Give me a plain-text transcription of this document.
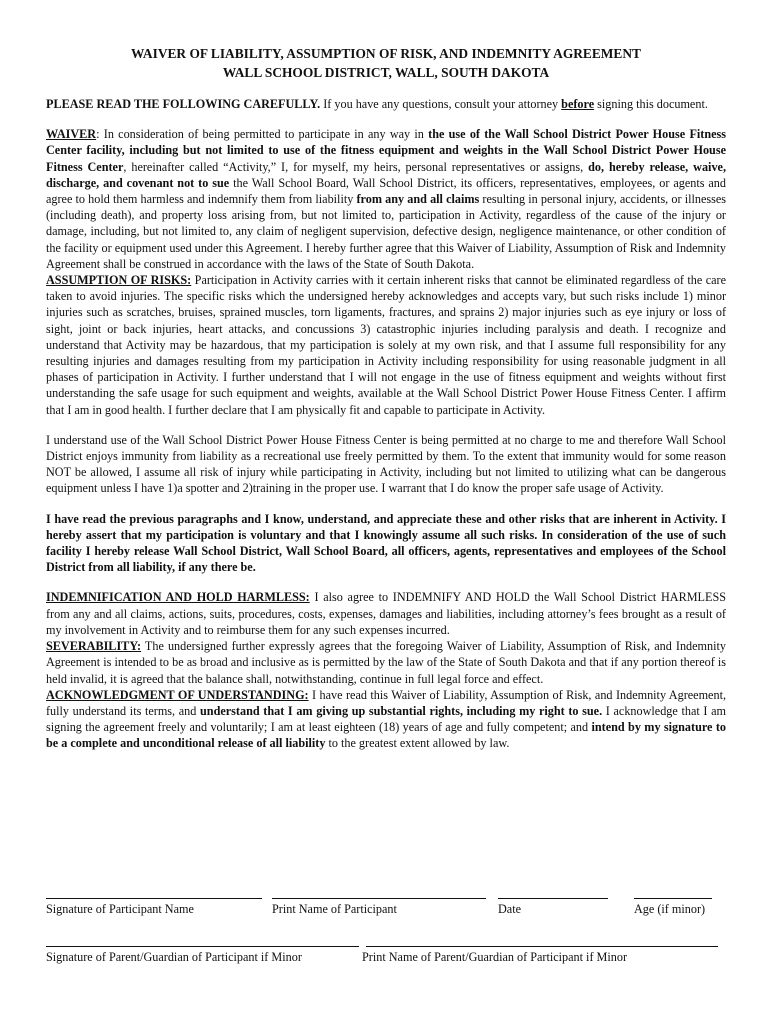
WAIVER OF LIABILITY, ASSUMPTION OF RISK, AND INDEMNITY AGREEMENT

WALL SCHOOL DISTRICT, WALL, SOUTH DAKOTA

PLEASE READ THE FOLLOWING CAREFULLY. If you have any questions, consult your attorney before signing this document.

WAIVER: In consideration of being permitted to participate in any way in the use of the Wall School District Power House Fitness Center facility, including but not limited to use of the fitness equipment and weights in the Wall School District Power House Fitness Center, hereinafter called “Activity,” I, for myself, my heirs, personal representatives or assigns, do, hereby release, waive, discharge, and covenant not to sue the Wall School Board, Wall School District, its officers, representatives, employees, or agents and agree to hold them harmless and indemnify them from liability from any and all claims resulting in personal injury, accidents, or illnesses (including death), and property loss arising from, but not limited to, participation in Activity, regardless of the cause of the injury or damage, including, but not limited to, any claim of negligent supervision, defective design, negligence maintenance, or other condition of the facility or equipment used under this Agreement. I hereby further agree that this Waiver of Liability, Assumption of Risk and Indemnity Agreement shall be construed in accordance with the laws of the State of South Dakota.

ASSUMPTION OF RISKS: Participation in Activity carries with it certain inherent risks that cannot be eliminated regardless of the care taken to avoid injuries. The specific risks which the undersigned hereby acknowledges and accepts vary, but such risks include 1) minor injuries such as scratches, bruises, sprained muscles, torn ligaments, fractures, and sprains 2) major injuries such as eye injury or loss of sight, joint or back injuries, heart attacks, and concussions 3) catastrophic injuries including paralysis and death. I recognize and understand that Activity may be hazardous, that my participation is solely at my own risk, and that I assume full responsibility for any resulting injuries and damages resulting from my participation in Activity including responsibility for using reasonable judgment in all phases of participation in Activity. I further understand that I will not engage in the use of fitness equipment and weights without first understanding the safe usage for such equipment and weights, available at the Wall School District Power House Fitness Center. I affirm that I am in good health. I further declare that I am physically fit and capable to participate in Activity.

I understand use of the Wall School District Power House Fitness Center is being permitted at no charge to me and therefore Wall School District enjoys immunity from liability as a recreational use freely permitted by them. To the extent that immunity would for some reason NOT be allowed, I assume all risk of injury while participating in Activity, including but not limited to utilizing what can be dangerous equipment unless I have 1)a spotter and 2)training in the proper use. I warrant that I do know the proper safe usage of Activity.

I have read the previous paragraphs and I know, understand, and appreciate these and other risks that are inherent in Activity. I hereby assert that my participation is voluntary and that I knowingly assume all such risks. In consideration of the use of such facility I hereby release Wall School District, Wall School Board, all officers, agents, representatives and employees of the School District from all liability, if any there be.

INDEMNIFICATION AND HOLD HARMLESS: I also agree to INDEMNIFY AND HOLD the Wall School District HARMLESS from any and all claims, actions, suits, procedures, costs, expenses, damages and liabilities, including attorney’s fees brought as a result of my involvement in Activity and to reimburse them for any such expenses incurred.

SEVERABILITY: The undersigned further expressly agrees that the foregoing Waiver of Liability, Assumption of Risk, and Indemnity Agreement is intended to be as broad and inclusive as is permitted by the law of the State of South Dakota and that if any portion thereof is held invalid, it is agreed that the balance shall, notwithstanding, continue in full legal force and effect.

ACKNOWLEDGMENT OF UNDERSTANDING: I have read this Waiver of Liability, Assumption of Risk, and Indemnity Agreement, fully understand its terms, and understand that I am giving up substantial rights, including my right to sue. I acknowledge that I am signing the agreement freely and voluntarily; I am at least eighteen (18) years of age and fully competent; and intend by my signature to be a complete and unconditional release of all liability to the greatest extent allowed by law.

Signature of Participant Name	Print Name of Participant	Date	Age (if minor)
Signature of Parent/Guardian of Participant if Minor	Print Name of Parent/Guardian of Participant if Minor
